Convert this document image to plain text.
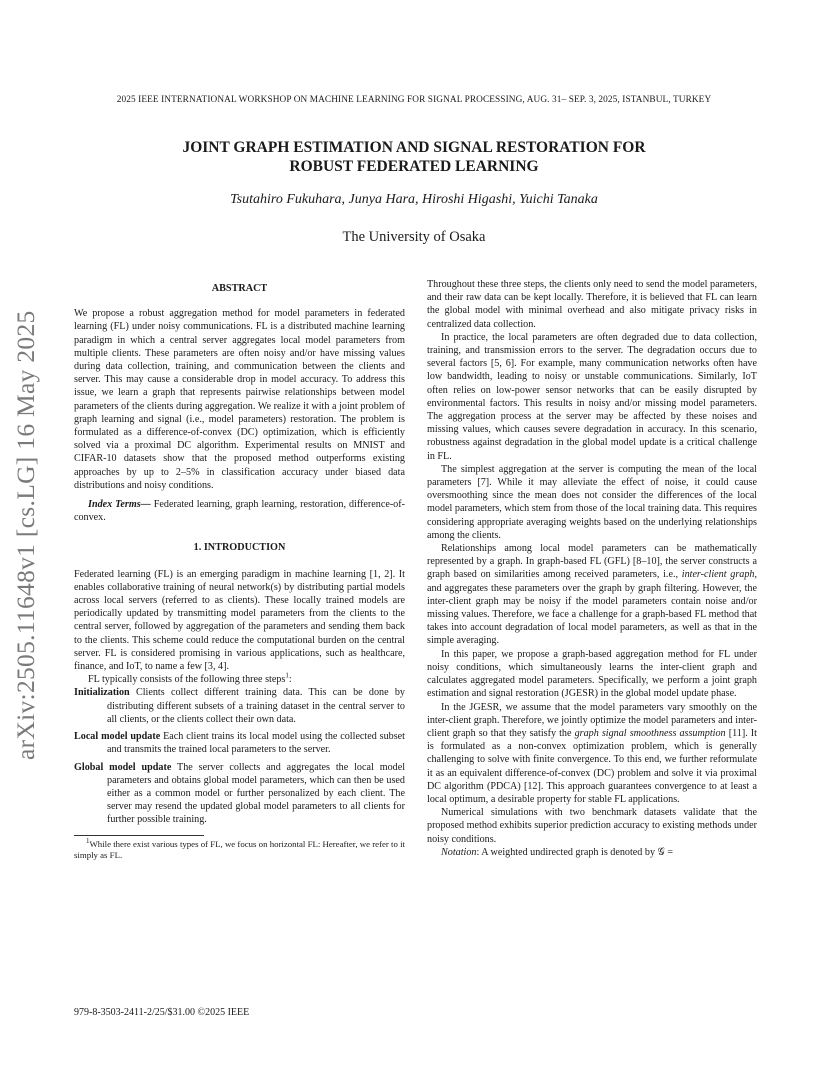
2025 IEEE INTERNATIONAL WORKSHOP ON MACHINE LEARNING FOR SIGNAL PROCESSING, AUG. 31– SEP. 3, 2025, ISTANBUL, TURKEY
JOINT GRAPH ESTIMATION AND SIGNAL RESTORATION FOR
ROBUST FEDERATED LEARNING
Tsutahiro Fukuhara, Junya Hara, Hiroshi Higashi, Yuichi Tanaka
The University of Osaka
arXiv:2505.11648v1 [cs.LG] 16 May 2025

ABSTRACT

We propose a robust aggregation method for model parameters in federated learning (FL) under noisy communications. FL is a distributed machine learning paradigm in which a central server aggregates local model parameters from multiple clients. These parameters are often noisy and/or have missing values during data collection, training, and communication between the clients and server. This may cause a considerable drop in model accuracy. To address this issue, we learn a graph that represents pairwise relationships between model parameters of the clients during aggregation. We realize it with a joint problem of graph learning and signal (i.e., model parameters) restoration. The problem is formulated as a difference-of-convex (DC) optimization, which is efficiently solved via a proximal DC algorithm. Experimental results on MNIST and CIFAR-10 datasets show that the proposed method outperforms existing approaches by up to 2–5% in classification accuracy under biased data distributions and noisy conditions.

Index Terms— Federated learning, graph learning, restoration, difference-of-convex.

1. INTRODUCTION

Federated learning (FL) is an emerging paradigm in machine learning [1, 2]. It enables collaborative training of neural network(s) by distributing partial models across local servers (referred to as clients). These locally trained models are periodically updated by transmitting model parameters from the clients to the central server, followed by aggregation of the parameters and sending them back to the clients. This scheme could reduce the computational burden on the central server. FL is considered promising in various applications, such as healthcare, finance, and IoT, to name a few [3, 4].

FL typically consists of the following three steps$^1$:

Initialization Clients collect different training data. This can be done by distributing different subsets of a training dataset in the central server to all clients, or the clients collect their own data.

Local model update Each client trains its local model using the collected subset and transmits the trained local parameters to the server.

Global model update The server collects and aggregates the local model parameters and obtains global model parameters, which can then be used either as a common model or further personalized by each client. The server may resend the updated global model parameters to all clients for further possible training.

$^1$While there exist various types of FL, we focus on horizontal FL: Hereafter, we refer to it simply as FL.

Throughout these three steps, the clients only need to send the model parameters, and their raw data can be kept locally. Therefore, it is believed that FL can learn the global model with minimal overhead and also mitigate privacy risks in centralized data collection.

In practice, the local parameters are often degraded due to data collection, training, and transmission errors to the server. The degradation occurs due to several factors [5, 6]. For example, many communication networks often have low bandwidth, leading to noisy or unstable communications. Similarly, IoT often relies on low-power sensor networks that can be easily disrupted by environmental factors. This results in noisy and/or missing model parameters. The aggregation process at the server may be affected by these noises and missing values, which causes severe degradation in accuracy. In this scenario, robustness against degradation in the global model update is a critical challenge in FL.

The simplest aggregation at the server is computing the mean of the local parameters [7]. While it may alleviate the effect of noise, it could cause oversmoothing since the mean does not consider the differences of the local model parameters, which stem from those of the local training data. This requires considering appropriate averaging weights based on the underlying relationships among the clients.

Relationships among local model parameters can be mathematically represented by a graph. In graph-based FL (GFL) [8–10], the server constructs a graph based on similarities among received parameters, i.e., inter-client graph, and aggregates these parameters over the graph by graph filtering. However, the inter-client graph may be noisy if the model parameters contain noise and/or missing values. Therefore, we face a challenge for a graph-based FL method that takes into account degradation of local model parameters, as well as that in the simple averaging.

In this paper, we propose a graph-based aggregation method for FL under noisy conditions, which simultaneously learns the inter-client graph and calculates aggregated model parameters. Specifically, we perform a joint graph estimation and signal restoration (JGESR) in the global model update phase.

In the JGESR, we assume that the model parameters vary smoothly on the inter-client graph. Therefore, we jointly optimize the model parameters and inter-client graph so that they satisfy the graph signal smoothness assumption [11]. It is formulated as a non-convex optimization problem, which is generally challenging to solve with finite convergence. To this end, we further reformulate it as an equivalent difference-of-convex (DC) problem and solve it via proximal DC algorithm (PDCA) [12]. This approach guarantees convergence to at least a local optimum, a desirable property for stable FL applications.

Numerical simulations with two benchmark datasets validate that the proposed method exhibits superior prediction accuracy to existing methods under noisy conditions.

Notation: A weighted undirected graph is denoted by 𝒢 =

979-8-3503-2411-2/25/$31.00 ©2025 IEEE
